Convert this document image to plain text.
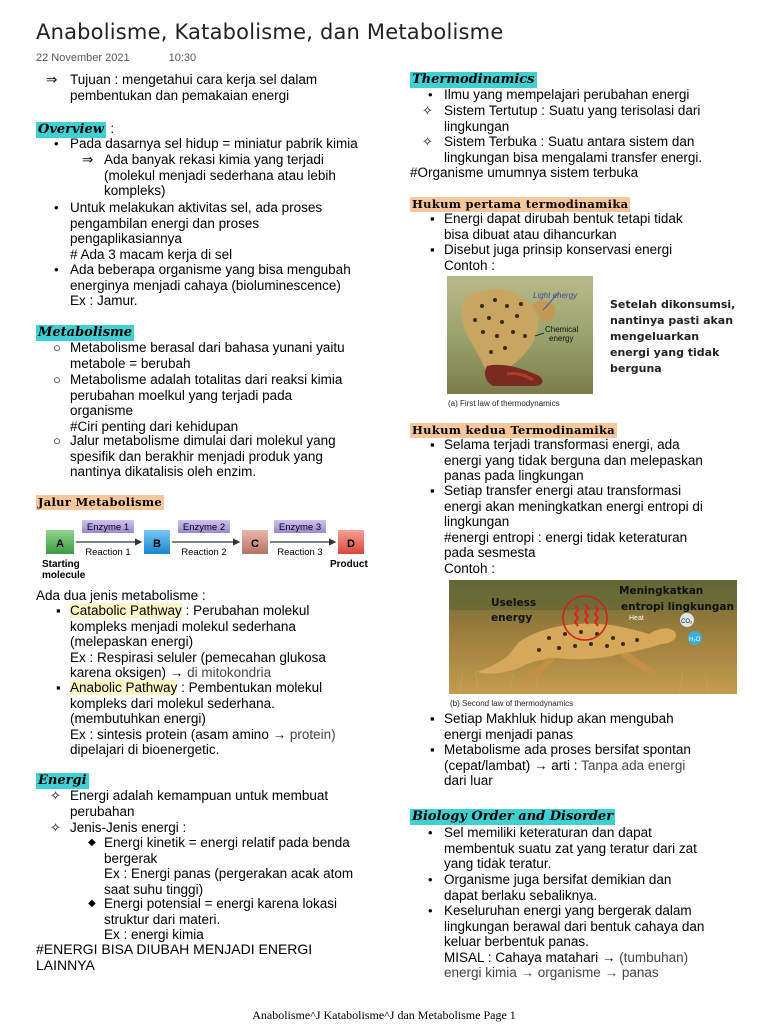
Anabolisme, Katabolisme, dan Metabolisme
22 November 2021	10:30
⇒ Tujuan : mengetahui cara kerja sel dalam
pembentukan dan pemakaian energi
Overview :
• Pada dasarnya sel hidup = miniatur pabrik kimia
⇒ Ada banyak rekasi kimia yang terjadi
(molekul menjadi sederhana atau lebih
kompleks)
• Untuk melakukan aktivitas sel, ada proses
pengambilan energi dan proses
pengaplikasiannya
# Ada 3 macam kerja di sel
• Ada beberapa organisme yang bisa mengubah
energinya menjadi cahaya (bioluminescence)
Ex : Jamur.
Metabolisme
○ Metabolisme berasal dari bahasa yunani yaitu
metabole = berubah
○ Metabolisme adalah totalitas dari reaksi kimia
perubahan moelkul yang terjadi pada
organisme
#Ciri penting dari kehidupan
○ Jalur metabolisme dimulai dari molekul yang
spesifik dan berakhir menjadi produk yang
nantinya dikatalisis oleh enzim.
Jalur Metabolisme
A	B	C	D
Enzyme 1	Enzyme 2	Enzyme 3
Reaction 1	Reaction 2	Reaction 3
Starting
molecule
Product
Ada dua jenis metabolisme :
▪ Catabolic Pathway : Perubahan molekul
kompleks menjadi molekul sederhana
(melepaskan energi)
Ex : Respirasi seluler (pemecahan glukosa
karena oksigen) → di mitokondria
▪ Anabolic Pathway : Pembentukan molekul
kompleks dari molekul sederhana.
(membutuhkan energi)
Ex : sintesis protein (asam amino → protein)
dipelajari di bioenergetic.
Energi
✧ Energi adalah kemampuan untuk membuat
perubahan
✧ Jenis-Jenis energi :
◆ Energi kinetik = energi relatif pada benda
bergerak
Ex : Energi panas (pergerakan acak atom
saat suhu tinggi)
◆ Energi potensial = energi karena lokasi
struktur dari materi.
Ex : energi kimia
#ENERGI BISA DIUBAH MENJADI ENERGI
LAINNYA
Thermodinamics
• Ilmu yang mempelajari perubahan energi
✧ Sistem Tertutup : Suatu yang terisolasi dari
lingkungan
✧ Sistem Terbuka : Suatu antara sistem dan
lingkungan bisa mengalami transfer energi.
#Organisme umumnya sistem terbuka
Hukum pertama termodinamika
▪ Energi dapat dirubah bentuk tetapi tidak
bisa dibuat atau dihancurkan
▪ Disebut juga prinsip konservasi energi
Contoh :
Light energy
Chemical
energy
(a) First law of thermodynamics
Setelah dikonsumsi,
nantinya pasti akan
mengeluarkan
energi yang tidak
berguna
Hukum kedua Termodinamika
▪ Selama terjadi transformasi energi, ada
energi yang tidak berguna dan melepaskan
panas pada lingkungan
▪ Setiap transfer energi atau transformasi
energi akan meningkatkan energi entropi di
lingkungan
#energi entropi : energi tidak keteraturan
pada sesmesta
Contoh :
CO₂
H₂O
Heat
Useless
energy
Meningkatkan
entropi lingkungan
(b) Second law of thermodynamics
▪ Setiap Makhluk hidup akan mengubah
energi menjadi panas
▪ Metabolisme ada proses bersifat spontan
(cepat/lambat) → arti : Tanpa ada energi
dari luar
Biology Order and Disorder
• Sel memiliki keteraturan dan dapat
membentuk suatu zat yang teratur dari zat
yang tidak teratur.
• Organisme juga bersifat demikian dan
dapat berlaku sebaliknya.
• Keseluruhan energi yang bergerak dalam
lingkungan berawal dari bentuk cahaya dan
keluar berbentuk panas.
MISAL : Cahaya matahari → (tumbuhan)
energi kimia → organisme → panas
Anabolisme^J Katabolisme^J dan Metabolisme Page 1
